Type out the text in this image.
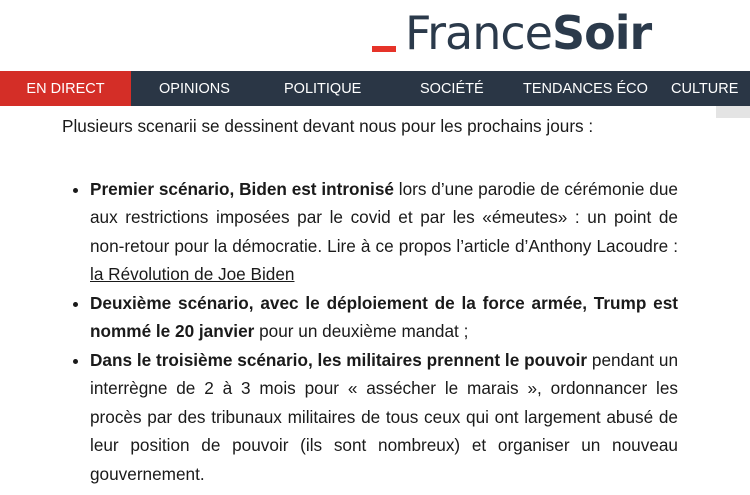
France Soir
EN DIRECT	OPINIONS	POLITIQUE	SOCIÉTÉ	TENDANCES ÉCO	CULTURE

Plusieurs scenarii se dessinent devant nous pour les prochains jours :

• Premier scénario, Biden est intronisé lors d’une parodie de cérémonie due aux restrictions imposées par le covid et par les «émeutes» : un point de non-retour pour la démocratie. Lire à ce propos l’article d’Anthony Lacoudre : la Révolution de Joe Biden
• Deuxième scénario, avec le déploiement de la force armée, Trump est nommé le 20 janvier pour un deuxième mandat ;
• Dans le troisième scénario, les militaires prennent le pouvoir pendant un interrègne de 2 à 3 mois pour « assécher le marais », ordonnancer les procès par des tribunaux militaires de tous ceux qui ont largement abusé de leur position de pouvoir (ils sont nombreux) et organiser un nouveau gouvernement.
